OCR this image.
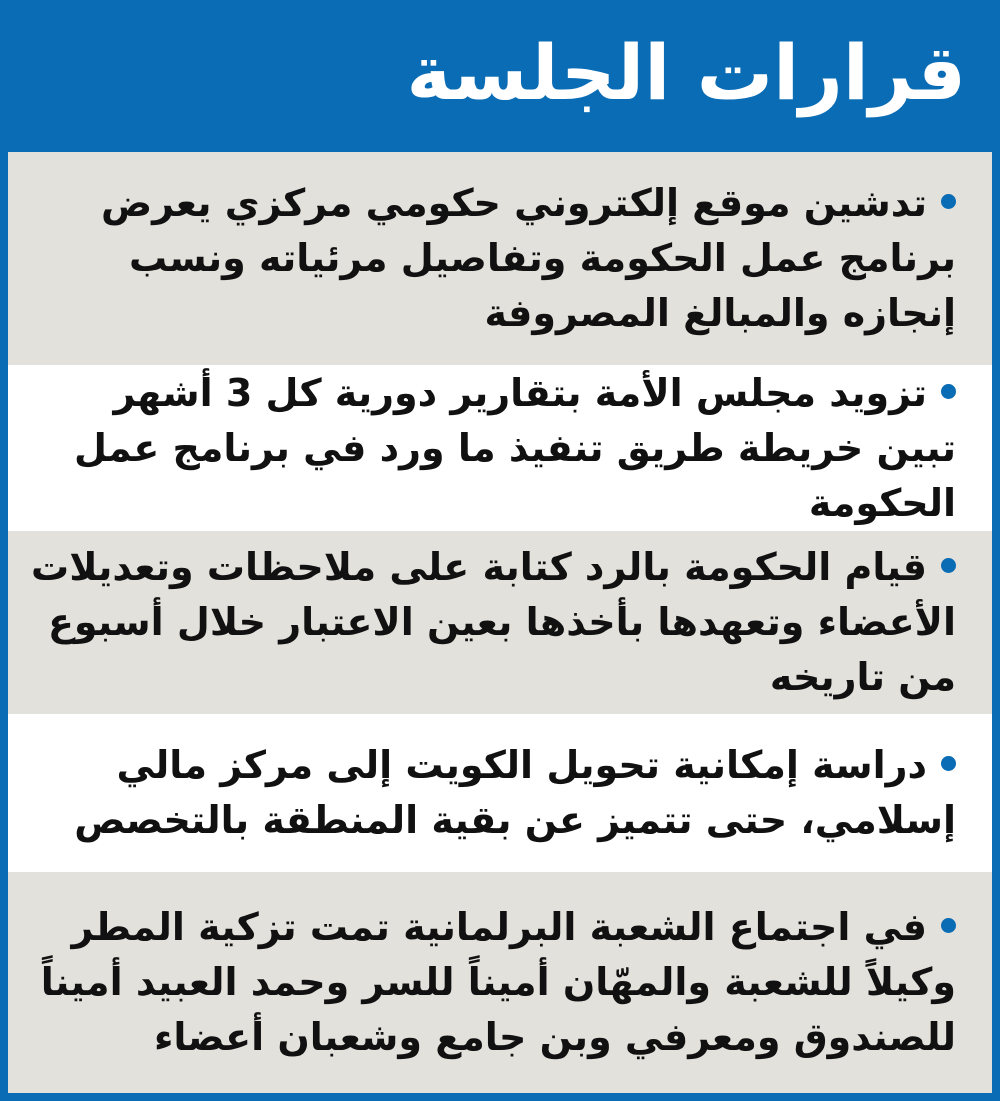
قرارات الجلسة
تدشين موقع إلكتروني حكومي مركزي يعرض برنامج عمل الحكومة وتفاصيل مرئياته ونسب إنجازه والمبالغ المصروفة
تزويد مجلس الأمة بتقارير دورية كل 3 أشهر تبين خريطة طريق تنفيذ ما ورد في برنامج عمل الحكومة
قيام الحكومة بالرد كتابة على ملاحظات وتعديلات الأعضاء وتعهدها بأخذها بعين الاعتبار خلال أسبوع من تاريخه
دراسة إمكانية تحويل الكويت إلى مركز مالي إسلامي، حتى تتميز عن بقية المنطقة بالتخصص
في اجتماع الشعبة البرلمانية تمت تزكية المطر وكيلاً للشعبة والمهّان أميناً للسر وحمد العبيد أميناً للصندوق ومعرفي وبن جامع وشعبان أعضاء
